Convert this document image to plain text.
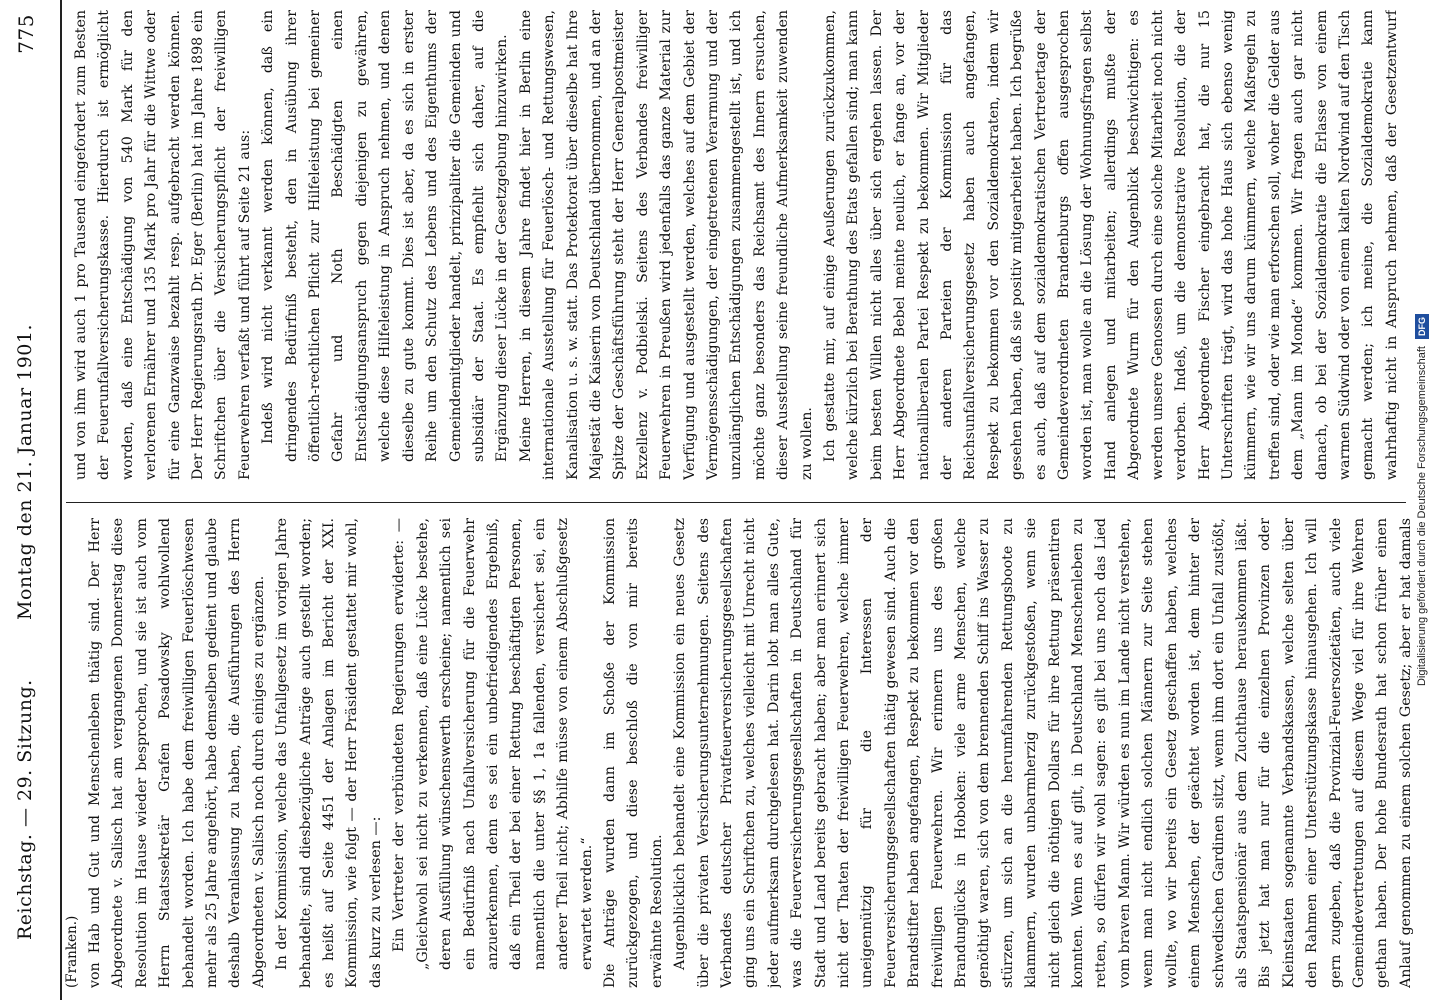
Reichstag. — 29. Sitzung.
Montag den 21. Januar 1901.
775
(Franken.) von Hab und Gut und Menschenleben thätig sind. Der Herr Abgeordnete v. Salisch hat am vergangenen Donnerstag diese Resolution im Hause wieder besprochen, und sie ist auch vom Herrn Staatssekretär Grafen Posadowsky wohlwollend behandelt worden. Ich habe dem freiwilligen Feuerlöschwesen mehr als 25 Jahre angehört, habe demselben gedient und glaube deshalb Veranlassung zu haben, die Ausführungen des Herrn Abgeordneten v. Salisch noch durch einiges zu ergänzen. In der Kommission, welche das Unfallgesetz im vorigen Jahre behandelte, sind diesbezügliche Anträge auch gestellt worden; es heißt auf Seite 4451 der Anlagen im Bericht der XXI. Kommission, wie folgt — der Herr Präsident gestattet mir wohl, das kurz zu verlesen —: Ein Vertreter der verbündeten Regierungen erwiderte: — „Gleichwohl sei nicht zu verkennen, daß eine Lücke bestehe, deren Ausfüllung wünschenswerth erscheine; namentlich sei ein Bedürfniß nach Unfallversicherung für die Feuerwehr anzuerkennen, denn es sei ein unbefriedigendes Ergebniß, daß ein Theil der bei einer Rettung beschäftigten Personen, namentlich die unter §§ 1, 1a fallenden, versichert sei, ein anderer Theil nicht; Abhilfe müsse von einem Abschlußgesetz erwartet werden.“ Die Anträge wurden dann im Schoße der Kommission zurückgezogen, und diese beschloß die von mir bereits erwähnte Resolution. Augenblicklich behandelt eine Kommission ein neues Gesetz über die privaten Versicherungsunternehmungen. Seitens des Verbandes deutscher Privatfeuerversicherungsgesellschaften ging uns ein Schriftchen zu, welches vielleicht mit Unrecht nicht jeder aufmerksam durchgelesen hat. Darin lobt man alles Gute, was die Feuerversicherungsgesellschaften in Deutschland für Stadt und Land bereits gebracht haben; aber man erinnert sich nicht der Thaten der freiwilligen Feuerwehren, welche immer uneigennützig für die Interessen der Feuerversicherungsgesellschaften thätig gewesen sind. Auch die Brandstifter haben angefangen, Respekt zu bekommen vor den freiwilligen Feuerwehren. Wir erinnern uns des großen Brandunglücks in Hoboken: viele arme Menschen, welche genöthigt waren, sich von dem brennenden Schiff ins Wasser zu stürzen, um sich an die herumfahrenden Rettungsboote zu klammern, wurden unbarmherzig zurückgestoßen, wenn sie nicht gleich die nöthigen Dollars für ihre Rettung präsentiren konnten. Wenn es auf gilt, in Deutschland Menschenleben zu retten, so dürfen wir wohl sagen: es gilt bei uns noch das Lied vom braven Mann. Wir würden es nun im Lande nicht verstehen, wenn man nicht endlich solchen Männern zur Seite stehen wollte, wo wir bereits ein Gesetz geschaffen haben, welches einem Menschen, der geächtet worden ist, dem hinter der schwedischen Gardinen sitzt, wenn ihm dort ein Unfall zustößt, als Staatspensionär aus dem Zuchthause herauskommen läßt. Bis jetzt hat man nur für die einzelnen Provinzen oder Kleinstaaten sogenannte Verbandskassen, welche selten über den Rahmen einer Unterstützungskasse hinausgehen. Ich will gern zugeben, daß die Provinzial-Feuersozietäten, auch viele Gemeindevertretungen auf diesem Wege viel für ihre Wehren gethan haben. Der hohe Bundesrath hat schon früher einen Anlauf genommen zu einem solchen Gesetz; aber er hat damals

und von ihm wird auch 1 pro Tausend eingefordert zum Besten der Feuerunfallversicherungskasse. Hierdurch ist ermöglicht worden, daß eine Entschädigung von 540 Mark für den verlorenen Ernährer und 135 Mark pro Jahr für die Wittwe oder für eine Ganzwaise bezahlt resp. aufgebracht werden können. Der Herr Regierungsrath Dr. Eger (Berlin) hat im Jahre 1898 ein Schriftchen über die Versicherungspflicht der freiwilligen Feuerwehren verfaßt und führt auf Seite 21 aus: Indeß wird nicht verkannt werden können, daß ein dringendes Bedürfniß besteht, den in Ausübung ihrer öffentlich-rechtlichen Pflicht zur Hilfeleistung bei gemeiner Gefahr und Noth Beschädigten einen Entschädigungsanspruch gegen diejenigen zu gewähren, welche diese Hilfeleistung in Anspruch nehmen, und denen dieselbe zu gute kommt. Dies ist aber, da es sich in erster Reihe um den Schutz des Lebens und des Eigenthums der Gemeindemitglieder handelt, prinzipaliter die Gemeinden und subsidiär der Staat. Es empfiehlt sich daher, auf die Ergänzung dieser Lücke in der Gesetzgebung hinzuwirken. Meine Herren, in diesem Jahre findet hier in Berlin eine internationale Ausstellung für Feuerlösch- und Rettungswesen, Kanalisation u. s. w. statt. Das Protektorat über dieselbe hat Ihre Majestät die Kaiserin von Deutschland übernommen, und an der Spitze der Geschäftsführung steht der Herr Generalpostmeister Exzellenz v. Podbielski. Seitens des Verbandes freiwilliger Feuerwehren in Preußen wird jedenfalls das ganze Material zur Verfügung und ausgestellt werden, welches auf dem Gebiet der Vermögensschädigungen, der eingetretenen Verarmung und der unzulänglichen Entschädigungen zusammengestellt ist, und ich möchte ganz besonders das Reichsamt des Innern ersuchen, dieser Ausstellung seine freundliche Aufmerksamkeit zuwenden zu wollen. Ich gestatte mir, auf einige Aeußerungen zurückzukommen, welche kürzlich bei Berathung des Etats gefallen sind; man kann beim besten Willen nicht alles über sich ergehen lassen. Der Herr Abgeordnete Bebel meinte neulich, er fange an, vor der nationalliberalen Partei Respekt zu bekommen. Wir Mitglieder der anderen Parteien der Kommission für das Reichsunfallversicherungsgesetz haben auch angefangen, Respekt zu bekommen vor den Sozialdemokraten, indem wir gesehen haben, daß sie positiv mitgearbeitet haben. Ich begrüße es auch, daß auf dem sozialdemokratischen Vertretertage der Gemeindeverordneten Brandenburgs offen ausgesprochen worden ist, man wolle an die Lösung der Wohnungsfragen selbst Hand anlegen und mitarbeiten; allerdings mußte der Abgeordnete Wurm für den Augenblick beschwichtigen: es werden unsere Genossen durch eine solche Mitarbeit noch nicht verdorben. Indeß, um die demonstrative Resolution, die der Herr Abgeordnete Fischer eingebracht hat, die nur 15 Unterschriften trägt, wird das hohe Haus sich ebenso wenig kümmern, wie wir uns darum kümmern, welche Maßregeln zu treffen sind, oder wie man erforschen soll, woher die Gelder aus dem „Mann im Monde“ kommen. Wir fragen auch gar nicht danach, ob bei der Sozialdemokratie die Erlasse von einem warmen Südwind oder von einem kalten Nordwind auf den Tisch gemacht werden; ich meine, die Sozialdemokratie kann wahrhaftig nicht in Anspruch nehmen, daß der Gesetzentwurf

Digitalisierung gefördert durch die Deutsche Forschungsgemeinschaft DFG
